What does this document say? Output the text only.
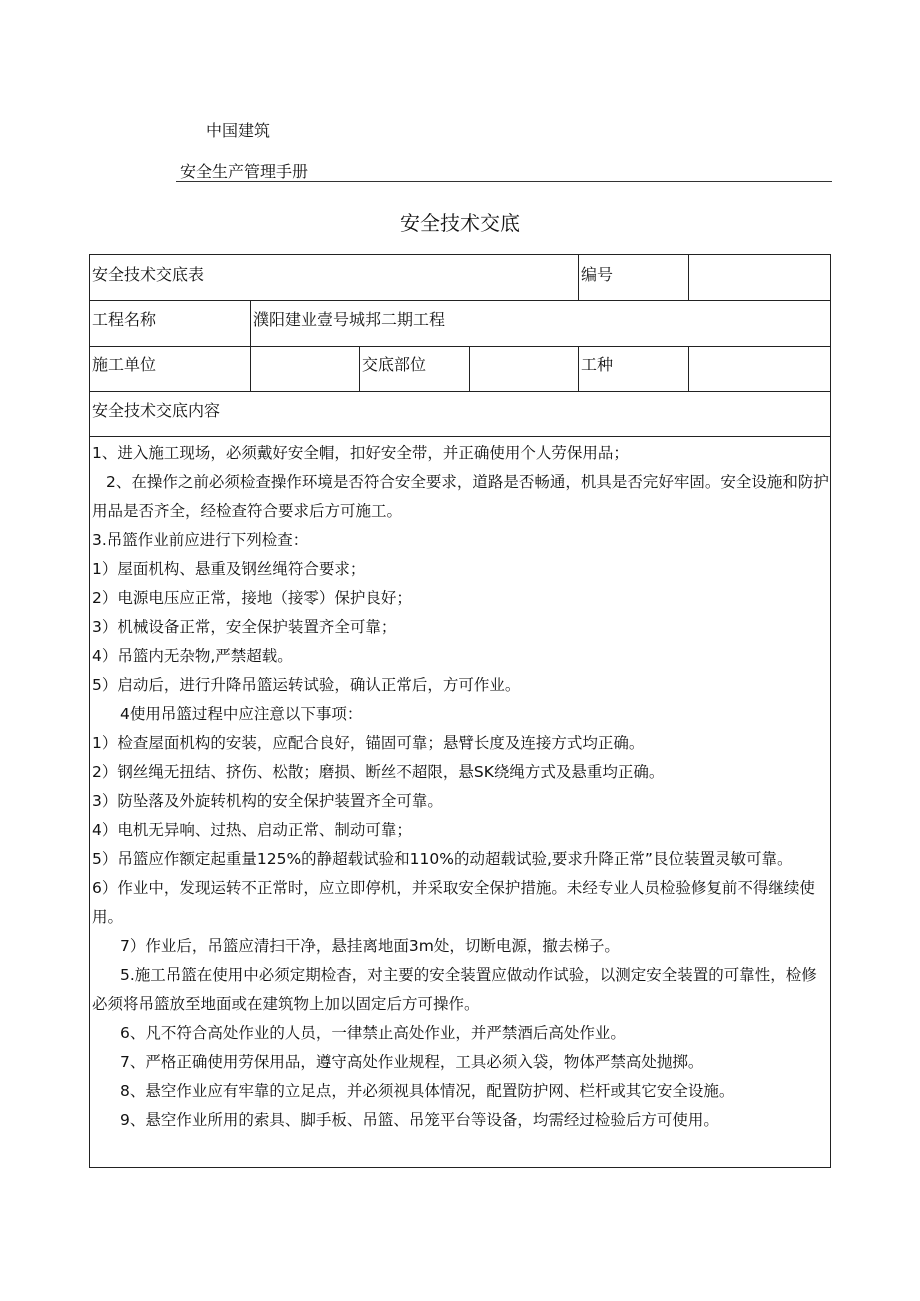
中国建筑
安全生产管理手册
安全技术交底
安全技术交底表	编号
工程名称	濮阳建业壹号城邦二期工程
施工单位	交底部位	工种
安全技术交底内容

1、进入施工现场，必须戴好安全帽，扣好安全带，并正确使用个人劳保用品；

2、在操作之前必须检查操作环境是否符合安全要求，道路是否畅通，机具是否完好牢固。安全设施和防护用品是否齐全，经检查符合要求后方可施工。

3.吊篮作业前应进行下列检查：

1）屋面机构、悬重及钢丝绳符合要求；

2）电源电压应正常，接地（接零）保护良好；

3）机械设备正常，安全保护装置齐全可靠；

4）吊篮内无杂物,严禁超载。

5）启动后，进行升降吊篮运转试验，确认正常后，方可作业。

4使用吊篮过程中应注意以下事项：

1）检查屋面机构的安装，应配合良好，锚固可靠；悬臂长度及连接方式均正确。

2）钢丝绳无扭结、挤伤、松散；磨损、断丝不超限，悬SK绕绳方式及悬重均正确。

3）防坠落及外旋转机构的安全保护装置齐全可靠。

4）电机无异响、过热、启动正常、制动可靠；

5）吊篮应作额定起重量125%的静超载试验和110%的动超载试验,要求升降正常”艮位装置灵敏可靠。

6）作业中，发现运转不正常时，应立即停机，并采取安全保护措施。未经专业人员检验修复前不得继续使用。

7）作业后，吊篮应清扫干净，悬挂离地面3m处，切断电源，撤去梯子。

5.施工吊篮在使用中必须定期检杳，对主要的安全装置应做动作试验，以测定安全装置的可靠性，检修必须将吊篮放至地面或在建筑物上加以固定后方可操作。

6、凡不符合高处作业的人员，一律禁止高处作业，并严禁酒后高处作业。

7、严格正确使用劳保用品，遵守高处作业规程，工具必须入袋，物体严禁高处抛掷。

8、悬空作业应有牢靠的立足点，并必须视具体情况，配置防护网、栏杆或其它安全设施。

9、悬空作业所用的索具、脚手板、吊篮、吊笼平台等设备，均需经过检验后方可使用。
